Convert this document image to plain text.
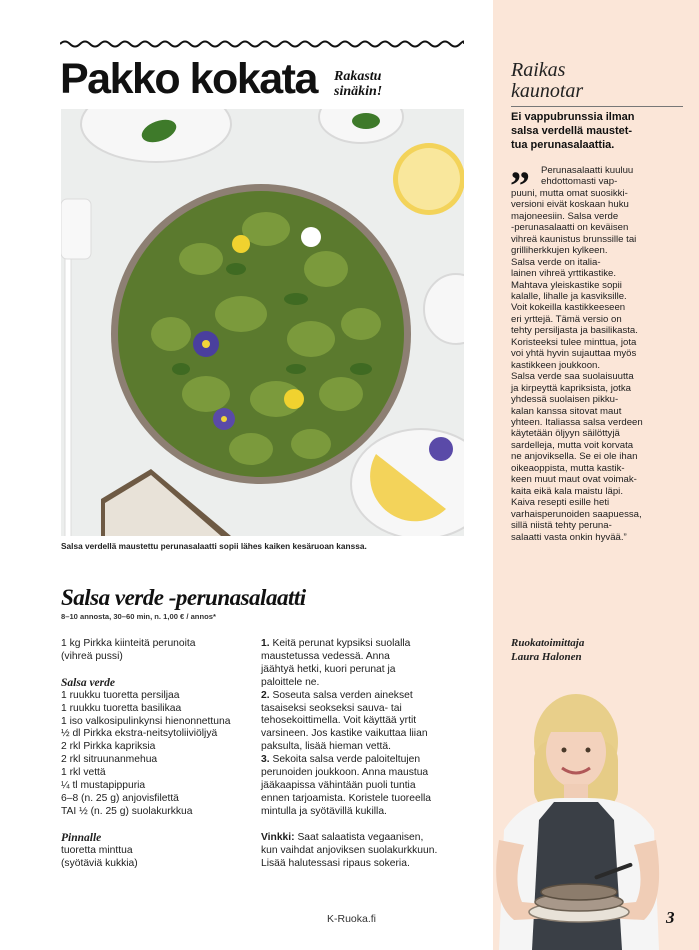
Pakko kokata Rakastu
sinäkin!
Salsa verdellä maustettu perunasalaatti sopii lähes kaiken kesäruoan kanssa.
Salsa verde -perunasalaatti
8–10 annosta, 30–60 min, n. 1,00 € / annos*
1 kg Pirkka kiinteitä perunoita
(vihreä pussi)
Salsa verde
1 ruukku tuoretta persiljaa
1 ruukku tuoretta basilikaa
1 iso valkosipulinkynsi hienonnettuna
½ dl Pirkka ekstra-neitsytoliiviöljyä
2 rkl Pirkka kapriksia
2 rkl sitruunanmehua
1 rkl vettä
¼ tl mustapippuria
6–8 (n. 25 g) anjovisfilettä
TAI ½ (n. 25 g) suolakurkkua
Pinnalle
tuoretta minttua
(syötäviä kukkia)
1. Keitä perunat kypsiksi suolalla
maustetussa vedessä. Anna
jäähtyä hetki, kuori perunat ja
paloittele ne.
2. Soseuta salsa verden ainekset
tasaiseksi seokseksi sauva- tai
tehosekoittimella. Voit käyttää yrtit
varsineen. Jos kastike vaikuttaa liian
paksulta, lisää hieman vettä.
3. Sekoita salsa verde paloiteltujen
perunoiden joukkoon. Anna maustua
jääkaapissa vähintään puoli tuntia
ennen tarjoamista. Koristele tuoreella
mintulla ja syötävillä kukilla.
Vinkki: Saat salaatista vegaanisen,
kun vaihdat anjoviksen suolakurkkuun.
Lisää halutessasi ripaus sokeria.
Raikas
kaunotar
Ei vappubrunssia ilman
salsa verdellä maustet-
tua perunasalaattia.
”	Perunasalaatti kuuluu
ehdottomasti vap-
puuni, mutta omat suosikki-
versioni eivät koskaan huku
majoneesiin. Salsa verde
-perunasalaatti on keväisen
vihreä kaunistus brunssille tai
grilliherkkujen kylkeen.
Salsa verde on italia-
lainen vihreä yrttikastike.
Mahtava yleiskastike sopii
kalalle, lihalle ja kasviksille.
Voit kokeilla kastikkeeseen
eri yrttejä. Tämä versio on
tehty persiljasta ja basilikasta.
Koristeeksi tulee minttua, jota
voi yhtä hyvin sujauttaa myös
kastikkeen joukkoon.
Salsa verde saa suolaisuutta
ja kirpeyttä kapriksista, jotka
yhdessä suolaisen pikku-
kalan kanssa sitovat maut
yhteen. Italiassa salsa verdeen
käytetään öljyyn säilöttyjä
sardelleja, mutta voit korvata
ne anjoviksella. Se ei ole ihan
oikeaoppista, mutta kastik-
keen muut maut ovat voimak-
kaita eikä kala maistu läpi.
Kaiva resepti esille heti
varhaisperunoiden saapuessa,
sillä niistä tehty peruna-
salaatti vasta onkin hyvää.”
Ruokatoimittaja
Laura Halonen
K-Ruoka.fi	3
